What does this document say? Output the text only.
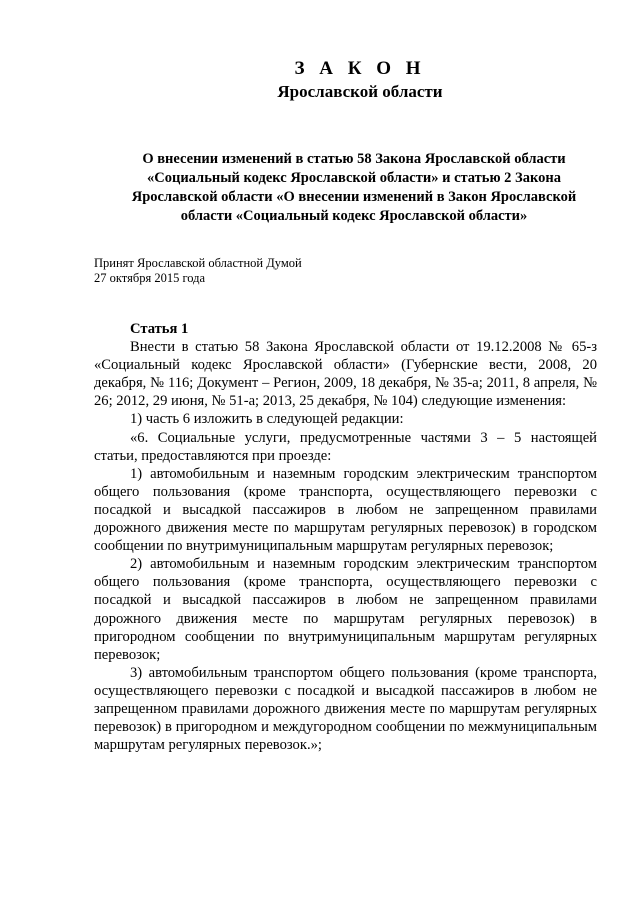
З А К О Н
Ярославской области
О внесении изменений в статью 58 Закона Ярославской области «Социальный кодекс Ярославской области» и статью 2 Закона Ярославской области «О внесении изменений в Закон Ярославской области «Социальный кодекс Ярославской области»
Принят Ярославской областной Думой
27 октября 2015 года
Статья 1

Внести в статью 58 Закона Ярославской области от 19.12.2008 № 65-з «Социальный кодекс Ярославской области» (Губернские вести, 2008, 20 декабря, № 116; Документ – Регион, 2009, 18 декабря, № 35-а; 2011, 8 апреля, № 26; 2012, 29 июня, № 51-а; 2013, 25 декабря, № 104) следующие изменения:

1) часть 6 изложить в следующей редакции:

«6. Социальные услуги, предусмотренные частями 3 – 5 настоящей статьи, предоставляются при проезде:

1) автомобильным и наземным городским электрическим транспортом общего пользования (кроме транспорта, осуществляющего перевозки с посадкой и высадкой пассажиров в любом не запрещенном правилами дорожного движения месте по маршрутам регулярных перевозок) в городском сообщении по внутримуниципальным маршрутам регулярных перевозок;

2) автомобильным и наземным городским электрическим транспортом общего пользования (кроме транспорта, осуществляющего перевозки с посадкой и высадкой пассажиров в любом не запрещенном правилами дорожного движения месте по маршрутам регулярных перевозок) в пригородном сообщении по внутримуниципальным маршрутам регулярных перевозок;

3) автомобильным транспортом общего пользования (кроме транспорта, осуществляющего перевозки с посадкой и высадкой пассажиров в любом не запрещенном правилами дорожного движения месте по маршрутам регулярных перевозок) в пригородном и междугородном сообщении по межмуниципальным маршрутам регулярных перевозок.»;
